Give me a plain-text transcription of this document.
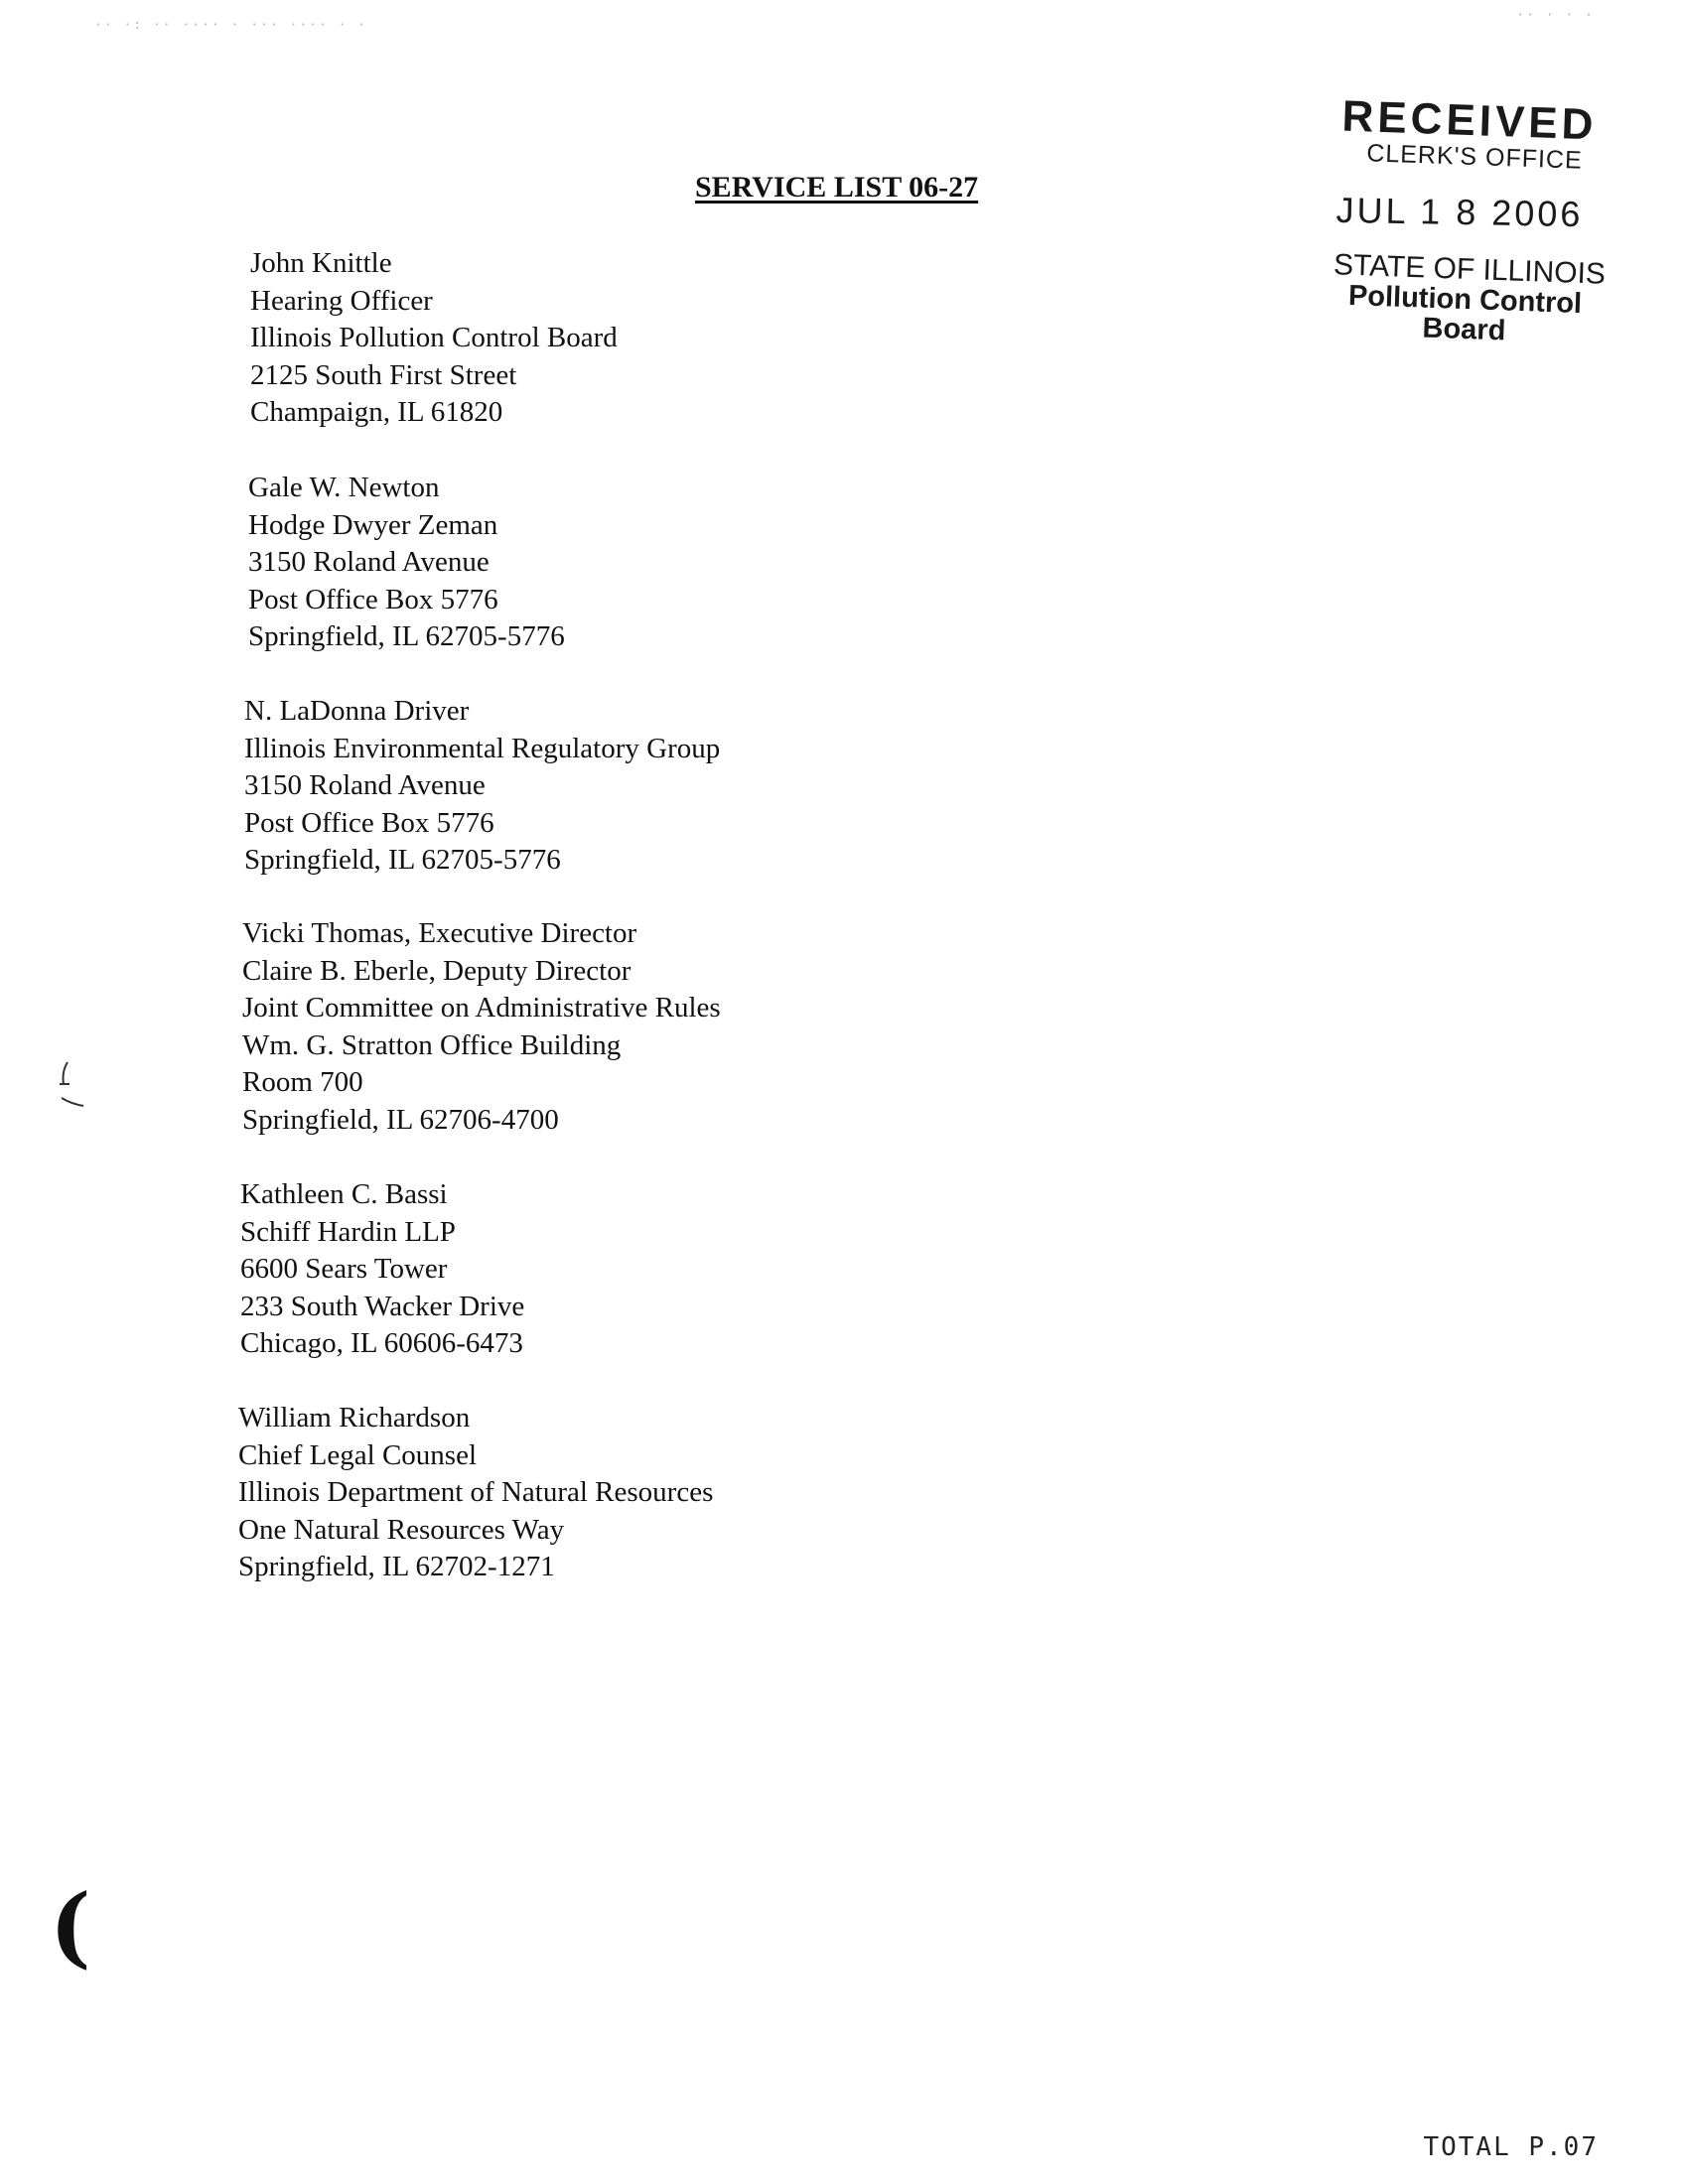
·· ·: ·· ···· · ··· ···· · ·
·· · · ·
RECEIVED
CLERK'S OFFICE
JUL 1 8 2006
STATE OF ILLINOIS
Pollution Control Board
SERVICE LIST 06-27
John Knittle
Hearing Officer
Illinois Pollution Control Board
2125 South First Street
Champaign, IL 61820
Gale W. Newton
Hodge Dwyer Zeman
3150 Roland Avenue
Post Office Box 5776
Springfield, IL 62705-5776
N. LaDonna Driver
Illinois Environmental Regulatory Group
3150 Roland Avenue
Post Office Box 5776
Springfield, IL 62705-5776
Vicki Thomas, Executive Director
Claire B. Eberle, Deputy Director
Joint Committee on Administrative Rules
Wm. G. Stratton Office Building
Room 700
Springfield, IL 62706-4700
Kathleen C. Bassi
Schiff Hardin LLP
6600 Sears Tower
233 South Wacker Drive
Chicago, IL 60606-6473
William Richardson
Chief Legal Counsel
Illinois Department of Natural Resources
One Natural Resources Way
Springfield, IL 62702-1271
(
TOTAL P.07
